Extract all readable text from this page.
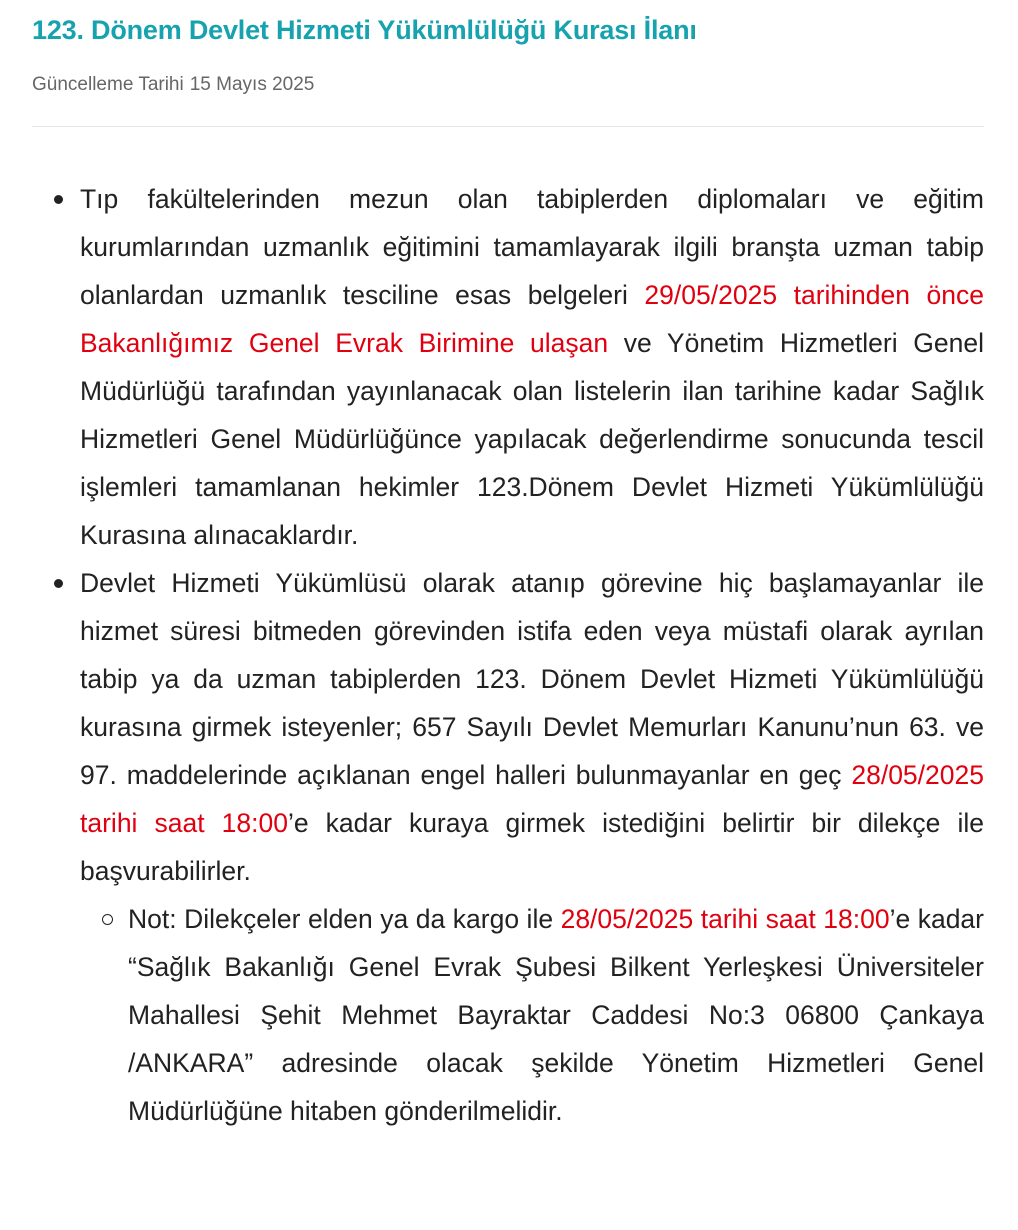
123. Dönem Devlet Hizmeti Yükümlülüğü Kurası İlanı
Güncelleme Tarihi 15 Mayıs 2025
Tıp fakültelerinden mezun olan tabiplerden diplomaları ve eğitim kurumlarından uzmanlık eğitimini tamamlayarak ilgili branşta uzman tabip olanlardan uzmanlık tesciline esas belgeleri 29/05/2025 tarihinden önce Bakanlığımız Genel Evrak Birimine ulaşan ve Yönetim Hizmetleri Genel Müdürlüğü tarafından yayınlanacak olan listelerin ilan tarihine kadar Sağlık Hizmetleri Genel Müdürlüğünce yapılacak değerlendirme sonucunda tescil işlemleri tamamlanan hekimler 123.Dönem Devlet Hizmeti Yükümlülüğü Kurasına alınacaklardır.
Devlet Hizmeti Yükümlüsü olarak atanıp görevine hiç başlamayanlar ile hizmet süresi bitmeden görevinden istifa eden veya müstafi olarak ayrılan tabip ya da uzman tabiplerden 123. Dönem Devlet Hizmeti Yükümlülüğü kurasına girmek isteyenler; 657 Sayılı Devlet Memurları Kanunu’nun 63. ve 97. maddelerinde açıklanan engel halleri bulunmayanlar en geç 28/05/2025 tarihi saat 18:00’e kadar kuraya girmek istediğini belirtir bir dilekçe ile başvurabilirler.
Not: Dilekçeler elden ya da kargo ile 28/05/2025 tarihi saat 18:00’e kadar “Sağlık Bakanlığı Genel Evrak Şubesi Bilkent Yerleşkesi Üniversiteler Mahallesi Şehit Mehmet Bayraktar Caddesi No:3 06800 Çankaya /ANKARA” adresinde olacak şekilde Yönetim Hizmetleri Genel Müdürlüğüne hitaben gönderilmelidir.
